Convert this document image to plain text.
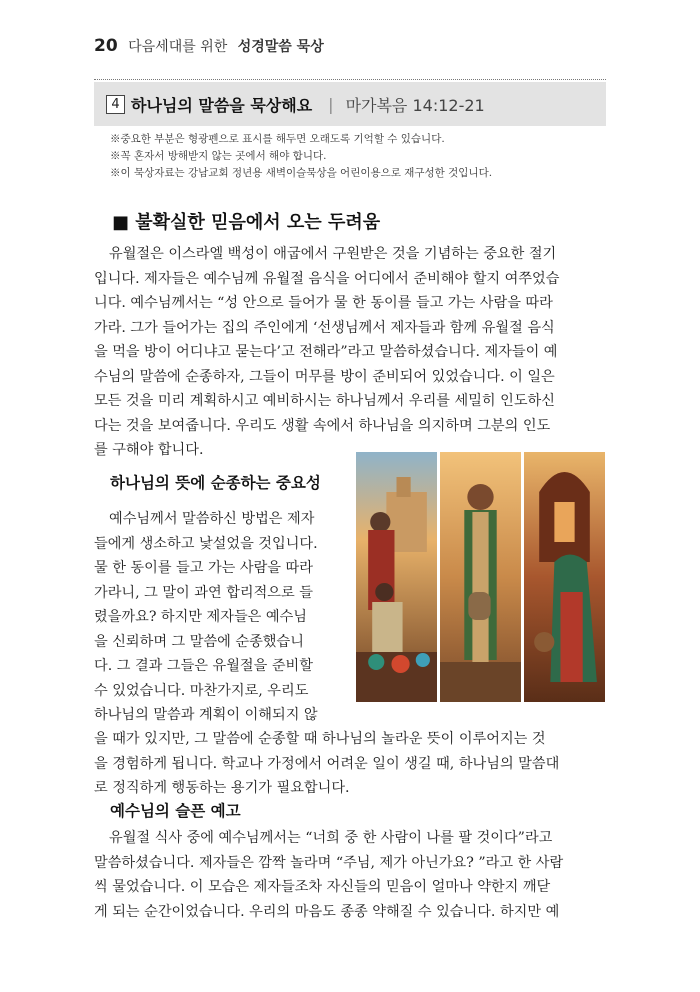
20 다음세대를 위한 성경말씀 묵상
4 하나님의 말씀을 묵상해요 | 마가복음 14:12-21
※중요한 부분은 형광펜으로 표시를 해두면 오래도록 기억할 수 있습니다.
※꼭 혼자서 방해받지 않는 곳에서 해야 합니다.
※이 묵상자료는 강남교회 정년용 새벽이슬묵상을 어린이용으로 재구성한 것입니다.
■ 불확실한 믿음에서 오는 두려움
유월절은 이스라엘 백성이 애굽에서 구원받은 것을 기념하는 중요한 절기
입니다. 제자들은 예수님께 유월절 음식을 어디에서 준비해야 할지 여쭈었습
니다. 예수님께서는 “성 안으로 들어가 물 한 동이를 들고 가는 사람을 따라
가라. 그가 들어가는 집의 주인에게 ‘선생님께서 제자들과 함께 유월절 음식
을 먹을 방이 어디냐고 묻는다’고 전해라”라고 말씀하셨습니다. 제자들이 예
수님의 말씀에 순종하자, 그들이 머무를 방이 준비되어 있었습니다. 이 일은
모든 것을 미리 계획하시고 예비하시는 하나님께서 우리를 세밀히 인도하신
다는 것을 보여줍니다. 우리도 생활 속에서 하나님을 의지하며 그분의 인도
를 구해야 합니다.
하나님의 뜻에 순종하는 중요성
예수님께서 말씀하신 방법은 제자
들에게 생소하고 낯설었을 것입니다.
물 한 동이를 들고 가는 사람을 따라
가라니, 그 말이 과연 합리적으로 들
렸을까요? 하지만 제자들은 예수님
을 신뢰하며 그 말씀에 순종했습니
다. 그 결과 그들은 유월절을 준비할
수 있었습니다. 마찬가지로, 우리도
하나님의 말씀과 계획이 이해되지 않
을 때가 있지만, 그 말씀에 순종할 때 하나님의 놀라운 뜻이 이루어지는 것
을 경험하게 됩니다. 학교나 가정에서 어려운 일이 생길 때, 하나님의 말씀대
로 정직하게 행동하는 용기가 필요합니다.
예수님의 슬픈 예고
유월절 식사 중에 예수님께서는 “너희 중 한 사람이 나를 팔 것이다”라고
말씀하셨습니다. 제자들은 깜짝 놀라며 “주님, 제가 아닌가요? ”라고 한 사람
씩 물었습니다. 이 모습은 제자들조차 자신들의 믿음이 얼마나 약한지 깨닫
게 되는 순간이었습니다. 우리의 마음도 종종 약해질 수 있습니다. 하지만 예
